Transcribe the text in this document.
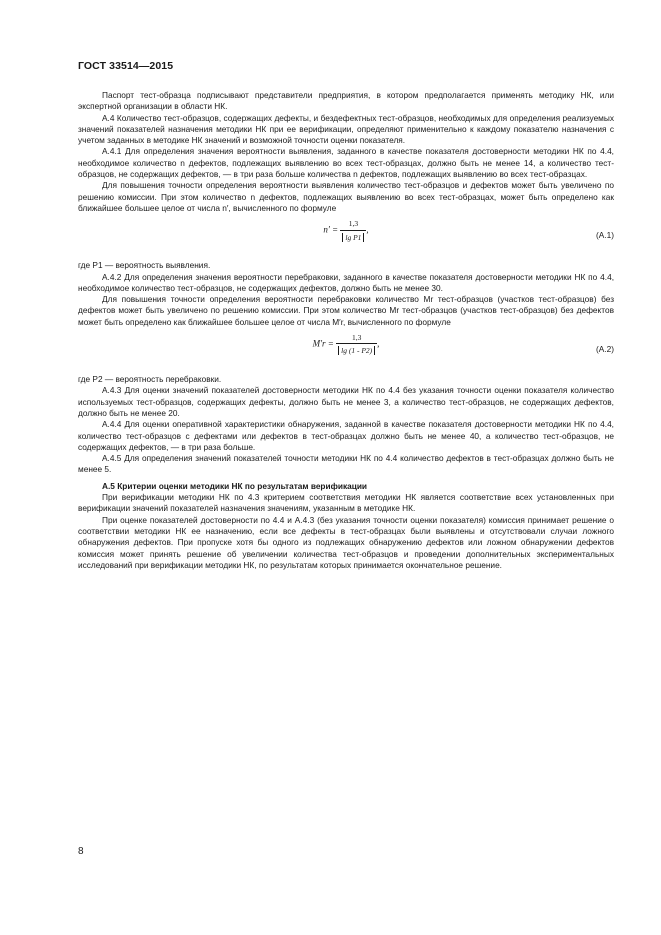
ГОСТ 33514—2015

Паспорт тест-образца подписывают представители предприятия, в котором предполагается применять методику НК, или экспертной организации в области НК.

А.4 Количество тест-образцов, содержащих дефекты, и бездефектных тест-образцов, необходимых для определения реализуемых значений показателей назначения методики НК при ее верификации, определяют применительно к каждому показателю назначения с учетом заданных в методике НК значений и возможной точности оценки показателя.

А.4.1 Для определения значения вероятности выявления, заданного в качестве показателя достоверности методики НК по 4.4, необходимое количество n дефектов, подлежащих выявлению во всех тест-образцах, должно быть не менее 14, а количество тест-образцов, не содержащих дефектов, — в три раза больше количества n дефектов, подлежащих выявлению во всех тест-образцах.

Для повышения точности определения вероятности выявления количество тест-образцов и дефектов может быть увеличено по решению комиссии. При этом количество n дефектов, подлежащих выявлению во всех тест-образцах, может быть определено как ближайшее большее целое от числа n′, вычисленного по формуле

$n' = \frac{1,3}{\text{lg P1}}$ ,
(А.1)

где P1 — вероятность выявления.

А.4.2 Для определения значения вероятности перебраковки, заданного в качестве показателя достоверности методики НК по 4.4, необходимое количество тест-образцов, не содержащих дефектов, должно быть не менее 30.

Для повышения точности определения вероятности перебраковки количество Mr тест-образцов (участков тест-образцов) без дефектов может быть увеличено по решению комиссии. При этом количество Mr тест-образцов (участков тест-образцов) без дефектов может быть определено как ближайшее большее целое от числа M′r, вычисленного по формуле

$M'r = \frac{1,3}{\lg (1 - P2)}$ ,
(А.2)

где P2 — вероятность перебраковки.

А.4.3 Для оценки значений показателей достоверности методики НК по 4.4 без указания точности оценки показателя количество используемых тест-образцов, содержащих дефекты, должно быть не менее 3, а количество тест-образцов, не содержащих дефектов, должно быть не менее 20.

А.4.4 Для оценки оперативной характеристики обнаружения, заданной в качестве показателя достоверности методики НК по 4.4, количество тест-образцов с дефектами или дефектов в тест-образцах должно быть не менее 40, а количество тест-образцов, не содержащих дефектов, — в три раза больше.

А.4.5 Для определения значений показателей точности методики НК по 4.4 количество дефектов в тест-образцах должно быть не менее 5.

А.5 Критерии оценки методики НК по результатам верификации

При верификации методики НК по 4.3 критерием соответствия методики НК является соответствие всех установленных при верификации значений показателей назначения значениям, указанным в методике НК.

При оценке показателей достоверности по 4.4 и А.4.3 (без указания точности оценки показателя) комиссия принимает решение о соответствии методики НК ее назначению, если все дефекты в тест-образцах были выявлены и отсутствовали случаи ложного обнаружения дефектов. При пропуске хотя бы одного из подлежащих обнаружению дефектов или ложном обнаружении дефектов комиссия может принять решение об увеличении количества тест-образцов и проведении дополнительных экспериментальных исследований при верификации методики НК, по результатам которых принимается окончательное решение.

8
